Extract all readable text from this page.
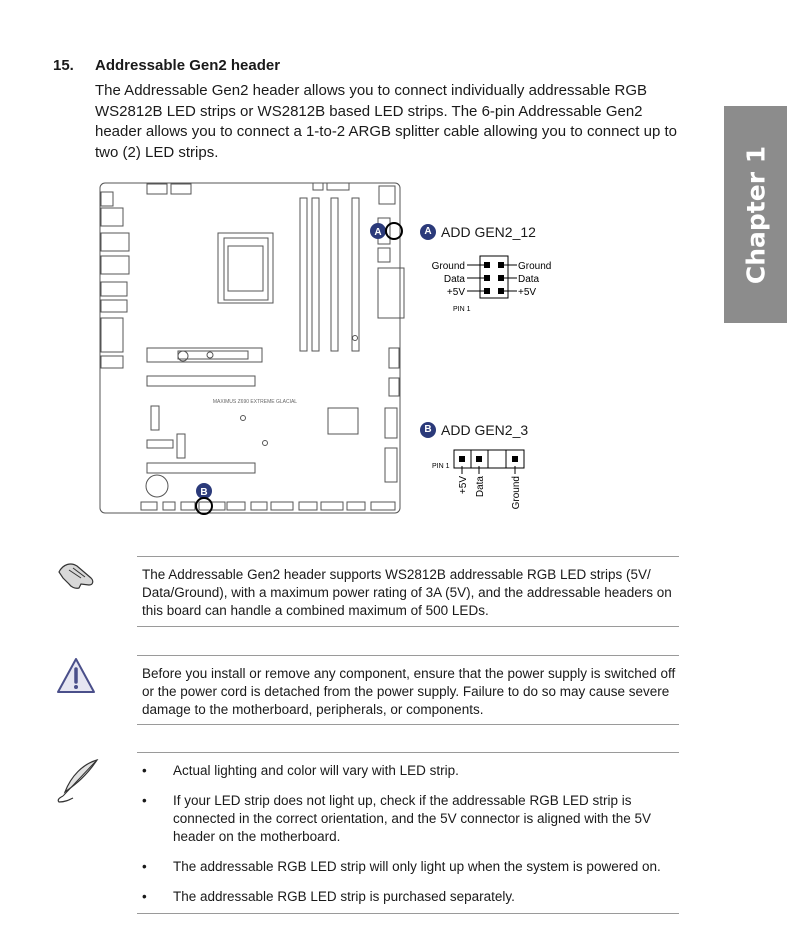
15. Addressable Gen2 header

The Addressable Gen2 header allows you to connect individually addressable RGB WS2812B LED strips or WS2812B based LED strips. The 6-pin Addressable Gen2 header allows you to connect a 1-to-2 ARGB splitter cable allowing you to connect up to two (2) LED strips.	Chapter 1
MAXIMUS Z690 EXTREME GLACIAL
A
B
A ADD GEN2_12
Ground
Data
+5V
Ground
Data
+5V
PIN 1
B ADD GEN2_3
PIN 1
+5V Data	Ground

The Addressable Gen2 header supports WS2812B addressable RGB LED strips (5V/ Data/Ground), with a maximum power rating of 3A (5V), and the addressable headers on this board can handle a combined maximum of 500 LEDs.

Before you install or remove any component, ensure that the power supply is switched off or the power cord is detached from the power supply. Failure to do so may cause severe damage to the motherboard, peripherals, or components.

• Actual lighting and color will vary with LED strip.
• If your LED strip does not light up, check if the addressable RGB LED strip is connected in the correct orientation, and the 5V connector is aligned with the 5V header on the motherboard.
• The addressable RGB LED strip will only light up when the system is powered on.
• The addressable RGB LED strip is purchased separately.
